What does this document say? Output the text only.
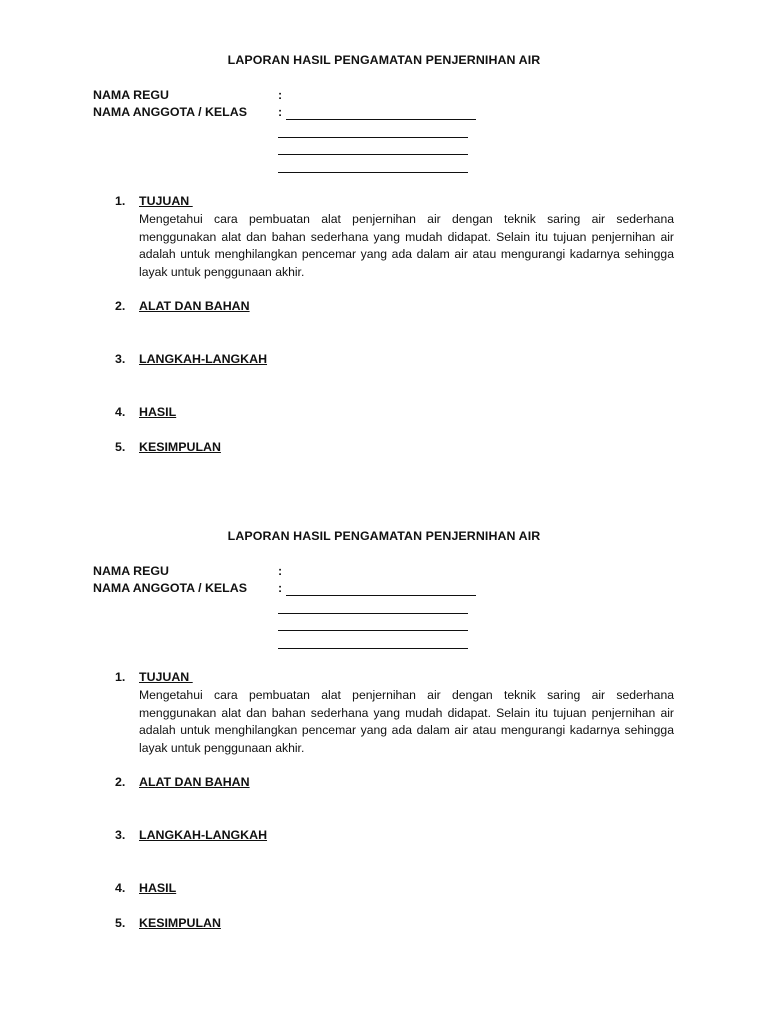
LAPORAN HASIL PENGAMATAN PENJERNIHAN AIR
NAMA REGU	:
NAMA ANGGOTA / KELAS	:
1. TUJUAN
Mengetahui cara pembuatan alat penjernihan air dengan teknik saring air sederhana menggunakan alat dan bahan sederhana yang mudah didapat. Selain itu tujuan penjernihan air adalah untuk menghilangkan pencemar yang ada dalam air atau mengurangi kadarnya sehingga layak untuk penggunaan akhir.
2. ALAT DAN BAHAN
3. LANGKAH-LANGKAH
4. HASIL
5. KESIMPULAN
LAPORAN HASIL PENGAMATAN PENJERNIHAN AIR
NAMA REGU	:
NAMA ANGGOTA / KELAS	:
1. TUJUAN
Mengetahui cara pembuatan alat penjernihan air dengan teknik saring air sederhana menggunakan alat dan bahan sederhana yang mudah didapat. Selain itu tujuan penjernihan air adalah untuk menghilangkan pencemar yang ada dalam air atau mengurangi kadarnya sehingga layak untuk penggunaan akhir.
2. ALAT DAN BAHAN
3. LANGKAH-LANGKAH
4. HASIL
5. KESIMPULAN
